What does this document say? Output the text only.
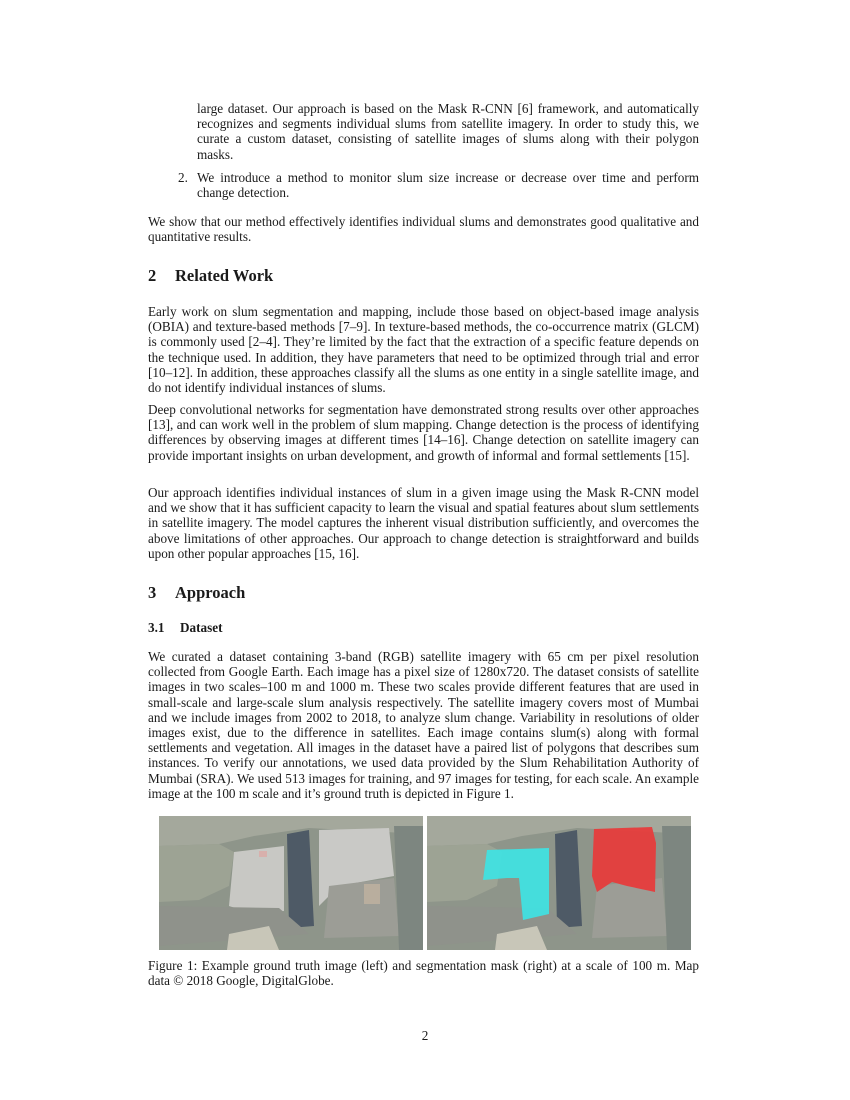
large dataset. Our approach is based on the Mask R-CNN [6] framework, and automatically recognizes and segments individual slums from satellite imagery. In order to study this, we curate a custom dataset, consisting of satellite images of slums along with their polygon masks.
2. We introduce a method to monitor slum size increase or decrease over time and perform change detection.
We show that our method effectively identifies individual slums and demonstrates good qualitative and quantitative results.
2 Related Work
Early work on slum segmentation and mapping, include those based on object-based image analysis (OBIA) and texture-based methods [7–9]. In texture-based methods, the co-occurrence matrix (GLCM) is commonly used [2–4]. They’re limited by the fact that the extraction of a specific feature depends on the technique used. In addition, they have parameters that need to be optimized through trial and error [10–12]. In addition, these approaches classify all the slums as one entity in a single satellite image, and do not identify individual instances of slums.
Deep convolutional networks for segmentation have demonstrated strong results over other approaches [13], and can work well in the problem of slum mapping. Change detection is the process of identifying differences by observing images at different times [14–16]. Change detection on satellite imagery can provide important insights on urban development, and growth of informal and formal settlements [15].
Our approach identifies individual instances of slum in a given image using the Mask R-CNN model and we show that it has sufficient capacity to learn the visual and spatial features about slum settlements in satellite imagery. The model captures the inherent visual distribution sufficiently, and overcomes the above limitations of other approaches. Our approach to change detection is straightforward and builds upon other popular approaches [15, 16].
3 Approach
3.1 Dataset
We curated a dataset containing 3-band (RGB) satellite imagery with 65 cm per pixel resolution collected from Google Earth. Each image has a pixel size of 1280x720. The dataset consists of satellite images in two scales–100 m and 1000 m. These two scales provide different features that are used in small-scale and large-scale slum analysis respectively. The satellite imagery covers most of Mumbai and we include images from 2002 to 2018, to analyze slum change. Variability in resolutions of older images exist, due to the difference in satellites. Each image contains slum(s) along with formal settlements and vegetation. All images in the dataset have a paired list of polygons that describes sum instances. To verify our annotations, we used data provided by the Slum Rehabilitation Authority of Mumbai (SRA). We used 513 images for training, and 97 images for testing, for each scale. An example image at the 100 m scale and it’s ground truth is depicted in Figure 1.
Figure 1: Example ground truth image (left) and segmentation mask (right) at a scale of 100 m. Map data © 2018 Google, DigitalGlobe.
2
